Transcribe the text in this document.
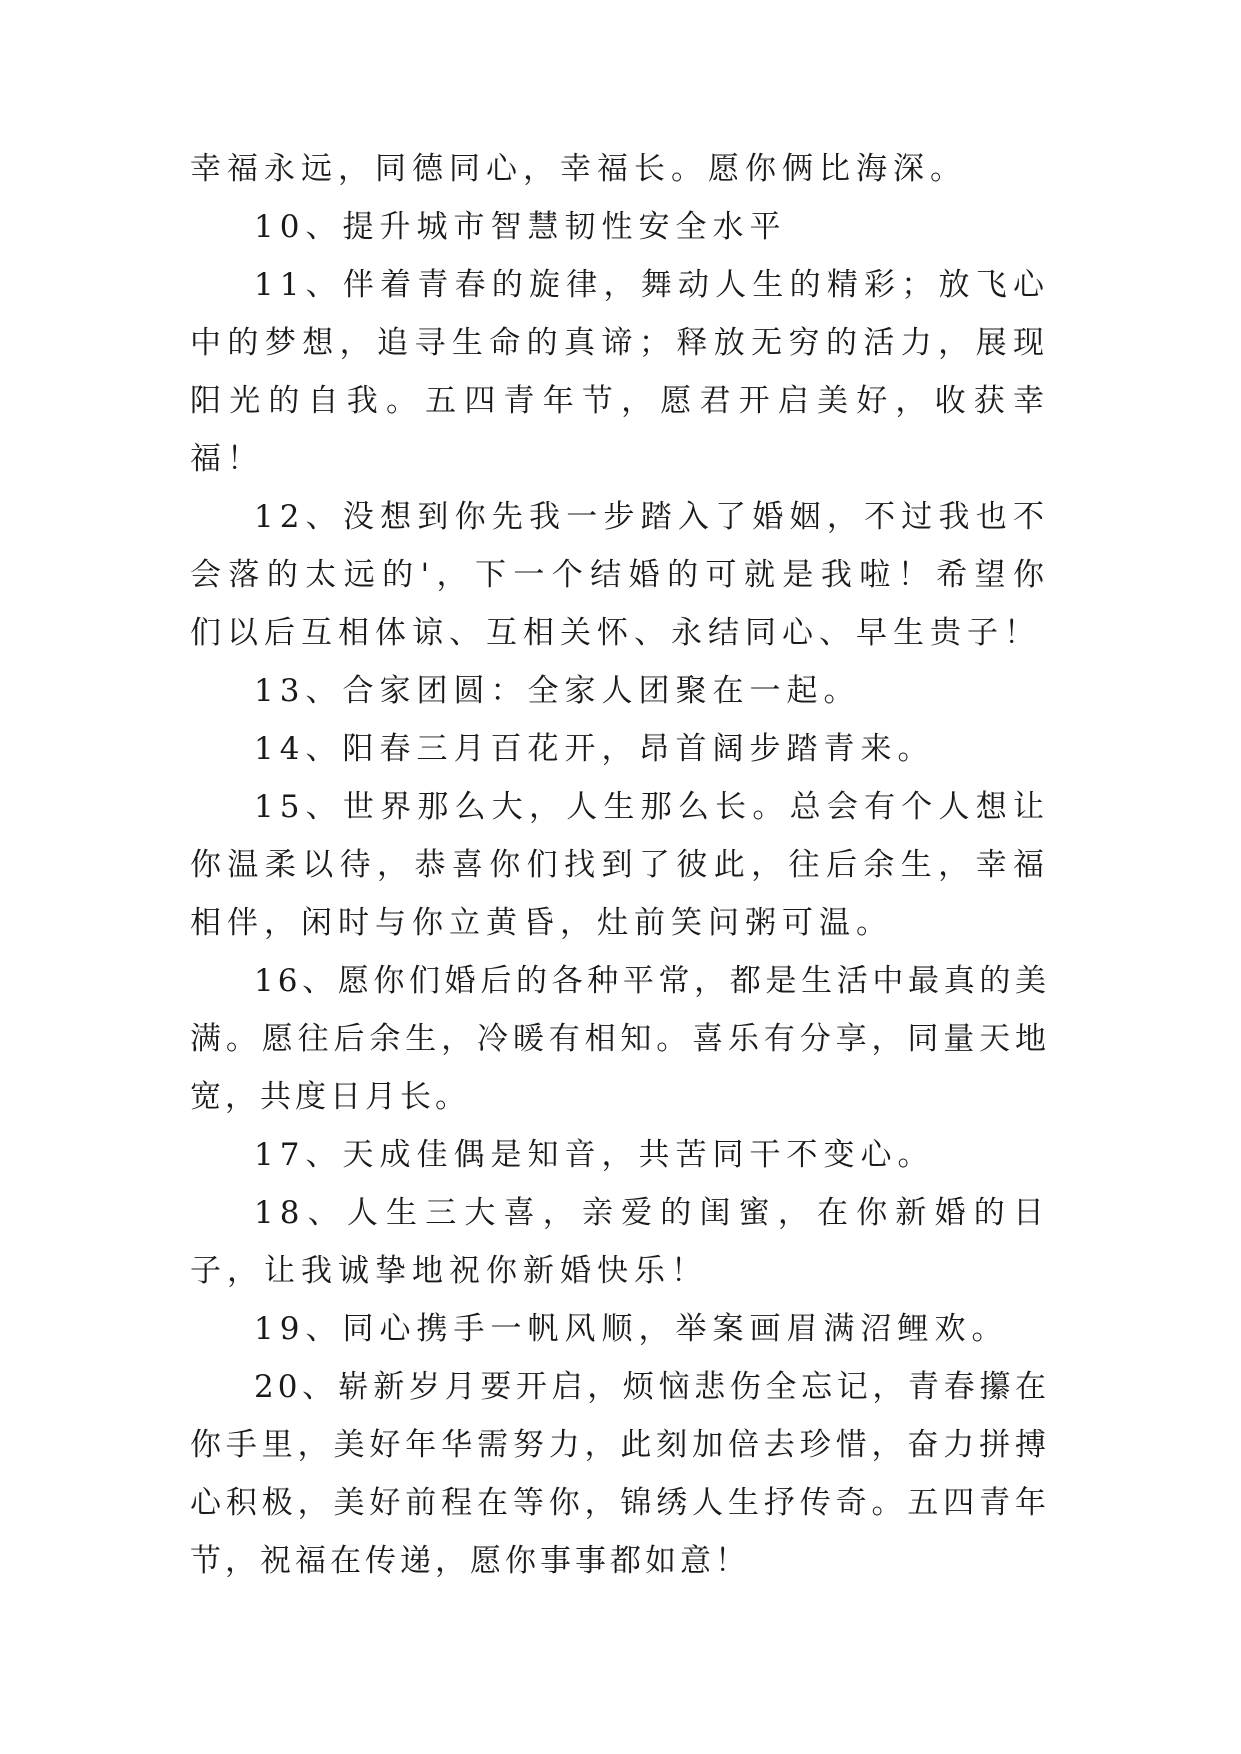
幸福永远，同德同心，幸福长。愿你俩比海深。

10、提升城市智慧韧性安全水平

11、伴着青春的旋律，舞动人生的精彩；放飞心中的梦想，追寻生命的真谛；释放无穷的活力，展现阳光的自我。五四青年节，愿君开启美好，收获幸福！

12、没想到你先我一步踏入了婚姻，不过我也不会落的太远的'，下一个结婚的可就是我啦！希望你们以后互相体谅、互相关怀、永结同心、早生贵子！

13、合家团圆：全家人团聚在一起。

14、阳春三月百花开，昂首阔步踏青来。

15、世界那么大，人生那么长。总会有个人想让你温柔以待，恭喜你们找到了彼此，往后余生，幸福相伴，闲时与你立黄昏，灶前笑问粥可温。

16、愿你们婚后的各种平常，都是生活中最真的美满。愿往后余生，冷暖有相知。喜乐有分享，同量天地宽，共度日月长。

17、天成佳偶是知音，共苦同干不变心。

18、人生三大喜，亲爱的闺蜜，在你新婚的日子，让我诚挚地祝你新婚快乐！

19、同心携手一帆风顺，举案画眉满沼鲤欢。

20、崭新岁月要开启，烦恼悲伤全忘记，青春攥在你手里，美好年华需努力，此刻加倍去珍惜，奋力拼搏心积极，美好前程在等你，锦绣人生抒传奇。五四青年节，祝福在传递，愿你事事都如意！
